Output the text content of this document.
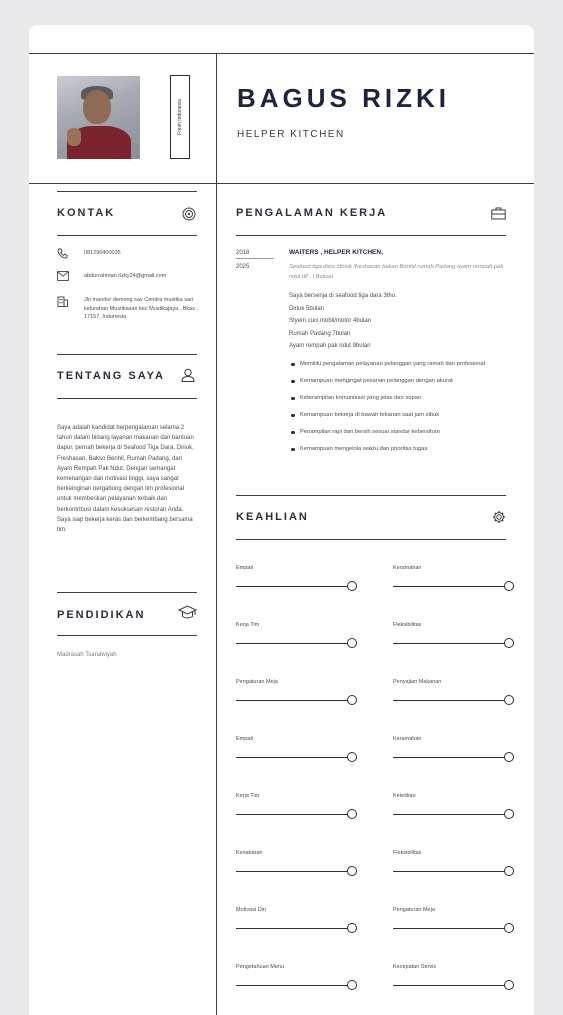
Fresh Indonesia
BAGUS RIZKI
HELPER KITCHEN
KONTAK
081296400035
abdurrahman.rizky24@gmail.com
Jln mandor demong sav Cendra mustika sari kelurahan Mustikasari kec Mustikajaya , Bkas , 17157, Indonesia
TENTANG SAYA
Saya adalah kandidat berpengalaman selama 2 tahun dalam bidang layanan makanan dan bantuan dapur, pernah bekerja di Seafood Tiga Dara, Diriuk, Freshasan, Bakso Benhil, Rumah Padang, dan Ayam Rempah Pak Ndut. Dengan semangat kemenangan dan motivasi tinggi, saya sangat berkeinginan bergabung dengan tim profesional untuk memberikan pelayanan terbaik dan berkontribusi dalam kesuksesan restoran Anda. Saya siap bekerja keras dan berkembang bersama tim.
PENDIDIKAN
Madrasah Tsanawiyah
PENGALAMAN KERJA
2018
2025
WAITERS , HELPER KITCHEN,
Seafood tiga dara /diriuk /freshasan bakan Benhil rumah Padang ayam rempah pak ndut dll . | Bekasi
Saya bersenja di seafood tiga dara 3tho.
Diriuk 5bulan
Styem cuci mobil/motor 4bulan
Rumah Padang 7bulan
Ayam rempah pak ndut 9bulan
Memiliki pengalaman pelayanan pelanggan yang ramah dan profesional
Kemampuan mengingat pesanan pelanggan dengan akurat
Keterampilan komunikasi yang jelas dan sopan
Kemampuan bekerja di bawah tekanan saat jam sibuk
Penampilan rapi dan bersih sesuai standar kebersihan
Kemampuan mengelola waktu dan prioritas tugas
KEAHLIAN
Empati	Keramahan
Kerja Tim	Fleksibilitas
Pengaturan Meja	Penyajian Makanan
Empati	Keramahan
Kerja Tim	Ketelitian
Kesabaran	Fleksibilitas
Motivasi Diri	Pengaturan Meja
Pengetahuan Menu	Kecepatan Servis
